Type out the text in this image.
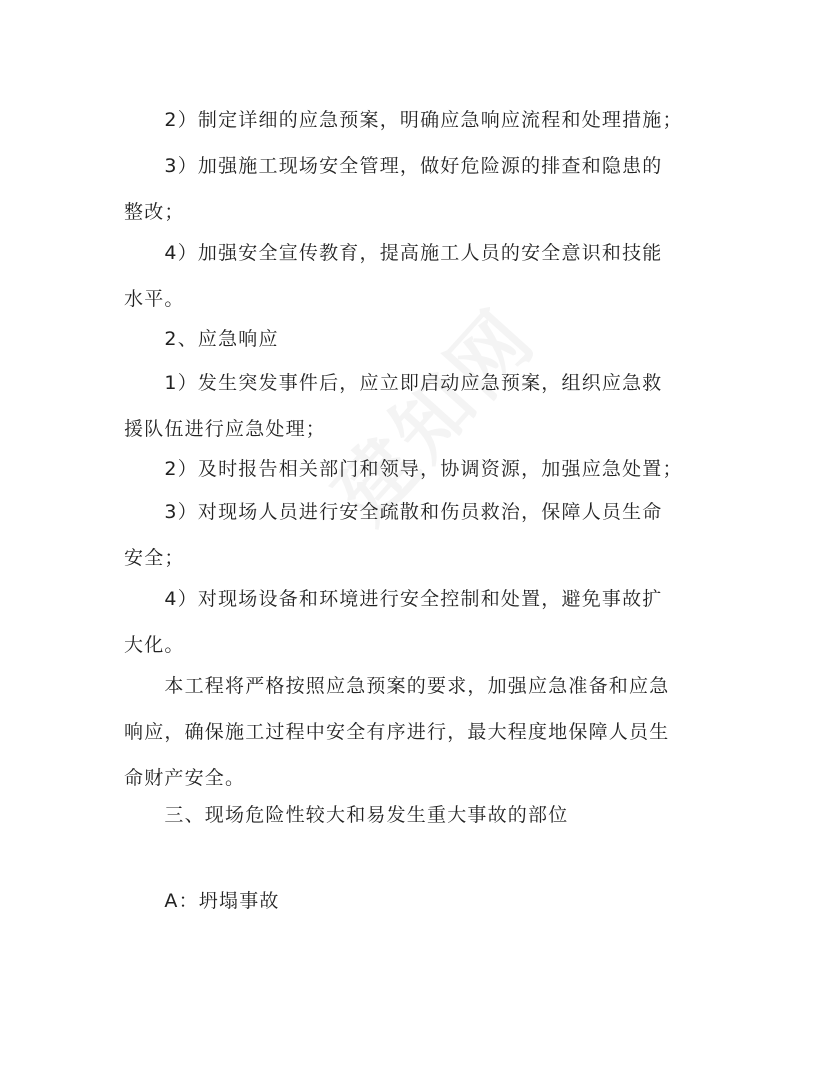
　　2）制定详细的应急预案，明确应急响应流程和处理措施；

　　3）加强施工现场安全管理，做好危险源的排查和隐患的
整改；

　　4）加强安全宣传教育，提高施工人员的安全意识和技能
水平。

　　2、应急响应

　　1）发生突发事件后，应立即启动应急预案，组织应急救
援队伍进行应急处理；

　　2）及时报告相关部门和领导，协调资源，加强应急处置；

　　3）对现场人员进行安全疏散和伤员救治，保障人员生命
安全；

　　4）对现场设备和环境进行安全控制和处置，避免事故扩
大化。

　　本工程将严格按照应急预案的要求，加强应急准备和应急
响应，确保施工过程中安全有序进行，最大程度地保障人员生
命财产安全。

　　三、现场危险性较大和易发生重大事故的部位

　　A：坍塌事故
